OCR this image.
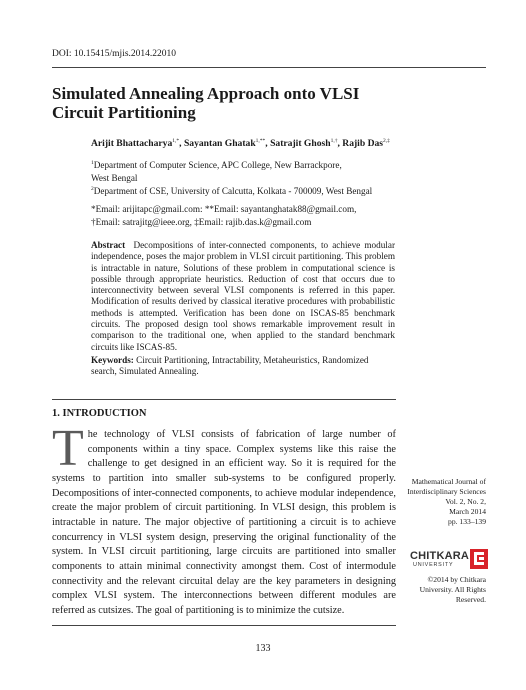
DOI: 10.15415/mjis.2014.22010
Simulated Annealing Approach onto VLSI
Circuit Partitioning
Arijit Bhattacharya$^{1,*}$, Sayantan Ghatak$^{1,**}$, Satrajit Ghosh$^{1,\dagger}$, Rajib Das$^{2,\ddagger}$
$^1$Department of Computer Science, APC College, New Barrackpore,
West Bengal
$^2$Department of CSE, University of Calcutta, Kolkata - 700009, West Bengal
*Email: arijitapc@gmail.com: **Email: sayantanghatak88@gmail.com,
†Email: satrajitg@ieee.org, ‡Email: rajib.das.k@gmail.com
Abstract Decompositions of inter-connected components, to achieve modular independence, poses the major problem in VLSI circuit partitioning. This problem is intractable in nature, Solutions of these problem in computational science is possible through appropriate heuristics. Reduction of cost that occurs due to interconnectivity between several VLSI components is referred in this paper. Modification of results derived by classical iterative procedures with probabilistic methods is attempted. Verification has been done on ISCAS-85 benchmark circuits. The proposed design tool shows remarkable improvement result in comparison to the traditional one, when applied to the standard benchmark circuits like ISCAS-85.
Keywords: Circuit Partitioning, Intractability, Metaheuristics, Randomized search, Simulated Annealing.
1. INTRODUCTION
The technology of VLSI consists of fabrication of large number of components within a tiny space. Complex systems like this raise the challenge to get designed in an efficient way. So it is required for the systems to partition into smaller sub-systems to be configured properly. Decompositions of inter-connected components, to achieve modular independence, create the major problem of circuit partitioning. In VLSI design, this problem is intractable in nature. The major objective of partitioning a circuit is to achieve concurrency in VLSI system design, preserving the original functionality of the system. In VLSI circuit partitioning, large circuits are partitioned into smaller components to attain minimal connectivity amongst them. Cost of intermodule connectivity and the relevant circuital delay are the key parameters in designing complex VLSI system. The interconnections between different modules are referred as cutsizes. The goal of partitioning is to minimize the cutsize.
Mathematical Journal of
Interdisciplinary Sciences
Vol. 2, No. 2,
March 2014
pp. 133–139
CHITKARA
UNIVERSITY
©2014 by Chitkara
University. All Rights
Reserved.
133
